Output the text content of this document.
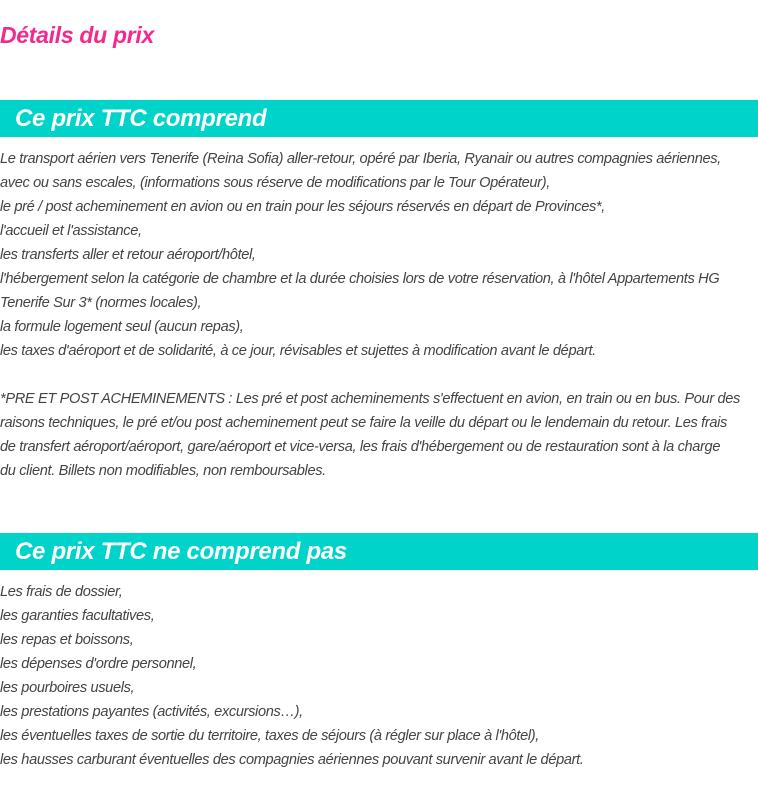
Détails du prix
Ce prix TTC comprend

Le transport aérien vers Tenerife (Reina Sofia) aller-retour, opéré par Iberia, Ryanair ou autres compagnies aériennes,

avec ou sans escales, (informations sous réserve de modifications par le Tour Opérateur),

le pré / post acheminement en avion ou en train pour les séjours réservés en départ de Provinces*,

l'accueil et l'assistance,

les transferts aller et retour aéroport/hôtel,

l'hébergement selon la catégorie de chambre et la durée choisies lors de votre réservation, à l'hôtel Appartements HG

Tenerife Sur 3* (normes locales),

la formule logement seul (aucun repas),

les taxes d'aéroport et de solidarité, à ce jour, révisables et sujettes à modification avant le départ.

*PRE ET POST ACHEMINEMENTS : Les pré et post acheminements s'effectuent en avion, en train ou en bus. Pour des

raisons techniques, le pré et/ou post acheminement peut se faire la veille du départ ou le lendemain du retour. Les frais

de transfert aéroport/aéroport, gare/aéroport et vice-versa, les frais d'hébergement ou de restauration sont à la charge

du client. Billets non modifiables, non remboursables.

Ce prix TTC ne comprend pas

Les frais de dossier,

les garanties facultatives,

les repas et boissons,

les dépenses d'ordre personnel,

les pourboires usuels,

les prestations payantes (activités, excursions…),

les éventuelles taxes de sortie du territoire, taxes de séjours (à régler sur place à l'hôtel),

les hausses carburant éventuelles des compagnies aériennes pouvant survenir avant le départ.
